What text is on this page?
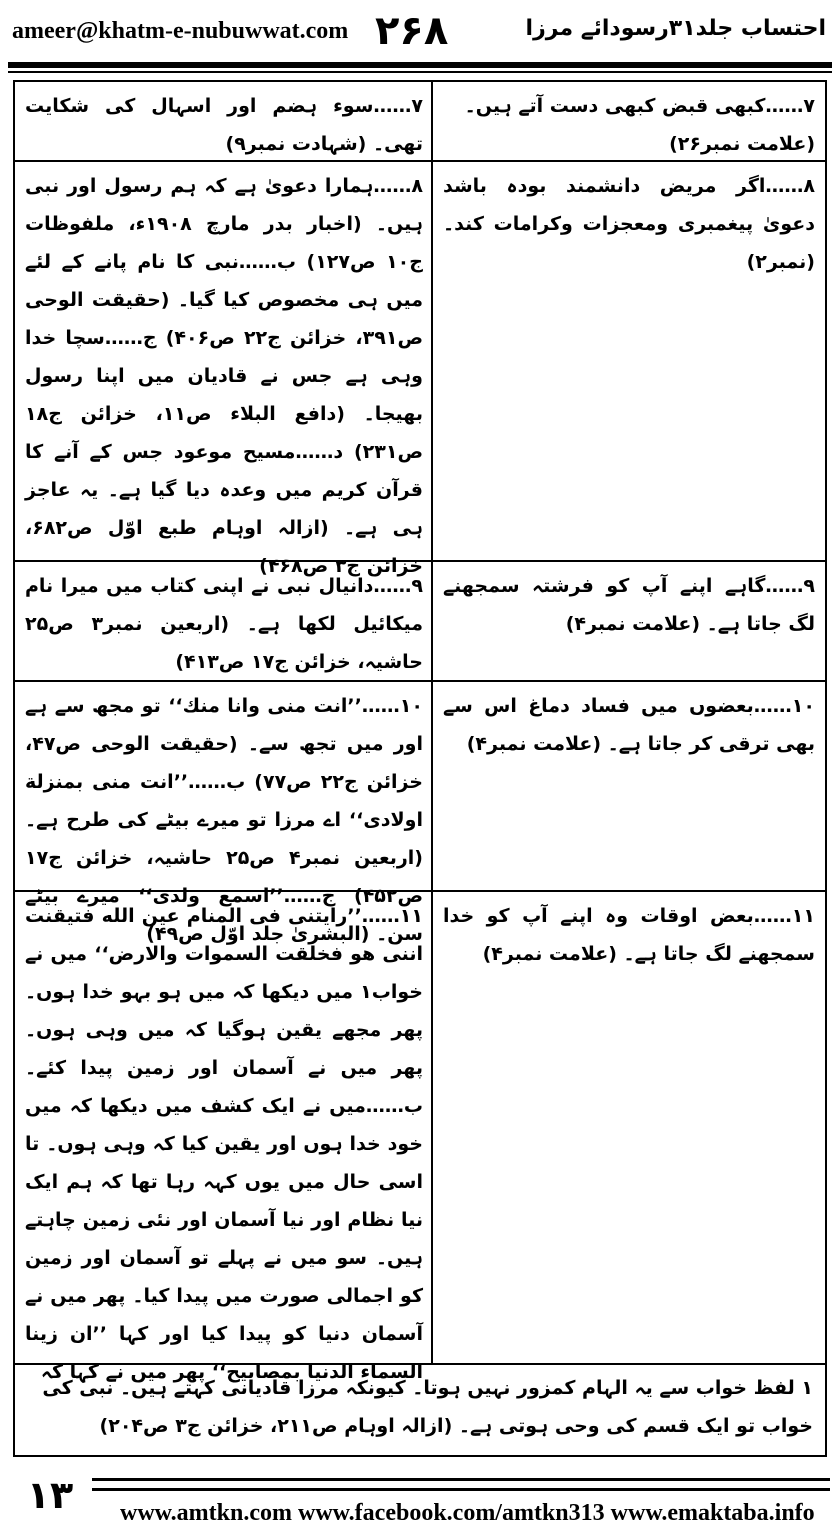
ameer@khatm-e-nubuwwat.com ۲۶۸	احتساب جلد۳۱رسودائے مرزا
۷……کبھی قبض کبھی دست آتے ہیں۔
(علامت نمبر۲۶)
۷……سوء ہضم اور اسہال کی شکایت تھی۔ (شہادت نمبر۹)
۸……اگر مریض دانشمند بودہ باشد دعویٰ پیغمبری ومعجزات وکرامات کند۔ (نمبر۲)
۸……ہمارا دعویٰ ہے کہ ہم رسول اور نبی ہیں۔ (اخبار بدر مارچ ۱۹۰۸ء، ملفوظات ج۱۰ ص۱۲۷) ب……نبی کا نام پانے کے لئے میں ہی مخصوص کیا گیا۔ (حقیقت الوحی ص۳۹۱، خزائن ج۲۲ ص۴۰۶) ج……سچا خدا وہی ہے جس نے قادیان میں اپنا رسول بھیجا۔ (دافع البلاء ص۱۱، خزائن ج۱۸ ص۲۳۱) د……مسیح موعود جس کے آنے کا قرآن کریم میں وعدہ دیا گیا ہے۔ یہ عاجز ہی ہے۔ (ازالہ اوہام طبع اوّل ص۶۸۲، خزائن ج۳ ص۴۶۸)
۹……گاہے اپنے آپ کو فرشتہ سمجھنے لگ جاتا ہے۔ (علامت نمبر۴)
۹……دانیال نبی نے اپنی کتاب میں میرا نام میکائیل لکھا ہے۔ (اربعین نمبر۳ ص۲۵ حاشیہ، خزائن ج۱۷ ص۴۱۳)
۱۰……بعضوں میں فساد دماغ اس سے بھی ترقی کر جاتا ہے۔ (علامت نمبر۴)
۱۰……’’انت منی وانا منك‘‘ تو مجھ سے ہے اور میں تجھ سے۔ (حقیقت الوحی ص۴۷، خزائن ج۲۲ ص۷۷) ب……’’انت منی بمنزلة اولادی‘‘ اے مرزا تو میرے بیٹے کی طرح ہے۔ (اربعین نمبر۴ ص۲۵ حاشیہ، خزائن ج۱۷ ص۴۵۲) ج……’’اسمع ولدی‘‘ میرے بیٹے سن۔ (البشریٰ جلد اوّل ص۴۹)
۱۱……بعض اوقات وہ اپنے آپ کو خدا سمجھنے لگ جاتا ہے۔ (علامت نمبر۴)
۱۱……’’رایتنی فی المنام عین الله فتیقنت اننی هو فخلقت السموات والارض‘‘ میں نے خواب۱ میں دیکھا کہ میں ہو بہو خدا ہوں۔ پھر مجھے یقین ہوگیا کہ میں وہی ہوں۔ پھر میں نے آسمان اور زمین پیدا کئے۔ ب……میں نے ایک کشف میں دیکھا کہ میں خود خدا ہوں اور یقین کیا کہ وہی ہوں۔ تا اسی حال میں یوں کہہ رہا تھا کہ ہم ایک نیا نظام اور نیا آسمان اور نئی زمین چاہتے ہیں۔ سو میں نے پہلے تو آسمان اور زمین کو اجمالی صورت میں پیدا کیا۔ پھر میں نے آسمان دنیا کو پیدا کیا اور کہا ’’ان زینا السماء الدنیا بمصابیح‘‘ پھر میں نے کہا کہ
۱ لفظ خواب سے یہ الہام کمزور نہیں ہوتا۔ کیونکہ مرزا قادیانی کہتے ہیں۔ نبی کی خواب تو ایک قسم کی وحی ہوتی ہے۔ (ازالہ اوہام ص۲۱۱، خزائن ج۳ ص۲۰۴)
۱۳	www.amtkn.com www.facebook.com/amtkn313 www.emaktaba.info
